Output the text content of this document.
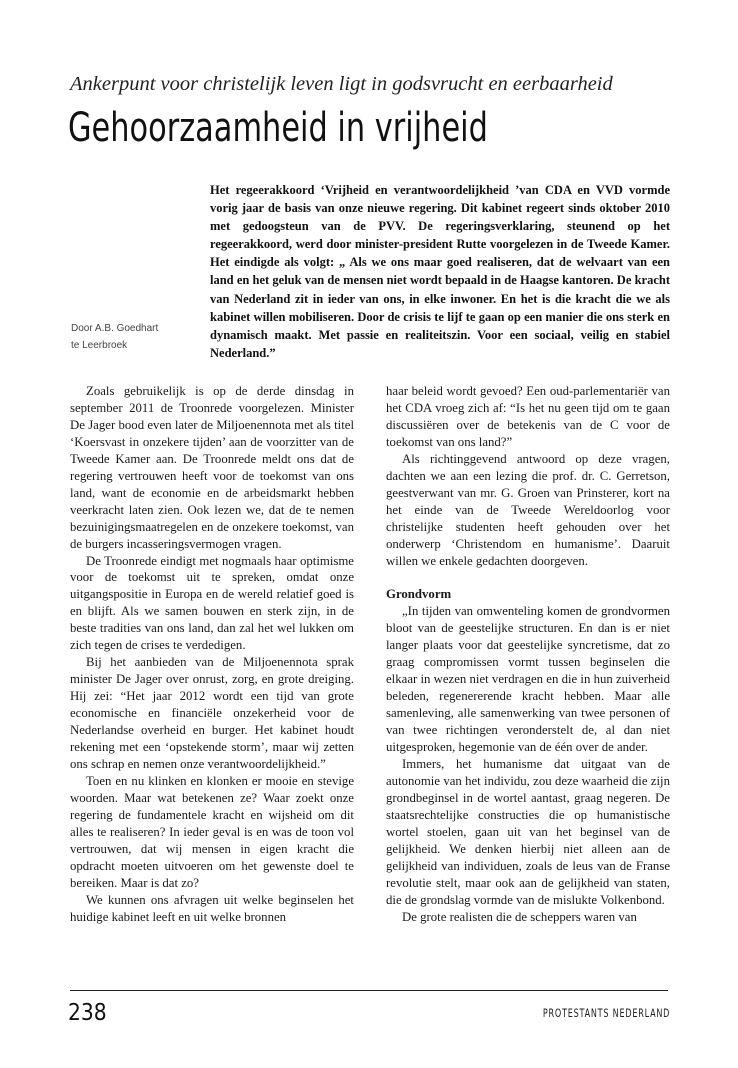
Ankerpunt voor christelijk leven ligt in godsvrucht en eerbaarheid
Gehoorzaamheid in vrijheid

Het regeerakkoord ‘Vrijheid en verantwoordelijkheid ’van CDA en VVD vormde vorig jaar de basis van onze nieuwe regering. Dit kabinet regeert sinds oktober 2010 met gedoogsteun van de PVV. De regeringsverklaring, steunend op het regeerakkoord, werd door minister-president Rutte voorgelezen in de Tweede Kamer. Het eindigde als volgt: „ Als we ons maar goed realiseren, dat de welvaart van een land en het geluk van de mensen niet wordt bepaald in de Haagse kantoren. De kracht van Nederland zit in ieder van ons, in elke inwoner. En het is die kracht die we als kabinet willen mobiliseren. Door de crisis te lijf te gaan op een manier die ons sterk en dynamisch maakt. Met passie en realiteitszin. Voor een sociaal, veilig en stabiel Nederland.”

Door A.B. Goedhart
te Leerbroek

Zoals gebruikelijk is op de derde dinsdag in september 2011 de Troonrede voorgelezen. Minister De Jager bood even later de Miljoenennota met als titel ‘Koersvast in onzekere tijden’ aan de voorzitter van de Tweede Kamer aan. De Troonrede meldt ons dat de regering vertrouwen heeft voor de toekomst van ons land, want de economie en de arbeidsmarkt hebben veerkracht laten zien. Ook lezen we, dat de te nemen bezuinigingsmaatregelen en de onzekere toekomst, van de burgers incasseringsvermogen vragen.

De Troonrede eindigt met nogmaals haar optimisme voor de toekomst uit te spreken, omdat onze uitgangspositie in Europa en de wereld relatief goed is en blijft. Als we samen bouwen en sterk zijn, in de beste tradities van ons land, dan zal het wel lukken om zich tegen de crises te verdedigen.

Bij het aanbieden van de Miljoenennota sprak minister De Jager over onrust, zorg, en grote dreiging. Hij zei: “Het jaar 2012 wordt een tijd van grote economische en financiële onzekerheid voor de Nederlandse overheid en burger. Het kabinet houdt rekening met een ‘opstekende storm’, maar wij zetten ons schrap en nemen onze verantwoordelijkheid.”

Toen en nu klinken en klonken er mooie en stevige woorden. Maar wat betekenen ze? Waar zoekt onze regering de fundamentele kracht en wijsheid om dit alles te realiseren? In ieder geval is en was de toon vol vertrouwen, dat wij mensen in eigen kracht die opdracht moeten uitvoeren om het gewenste doel te bereiken. Maar is dat zo?

We kunnen ons afvragen uit welke beginselen het huidige kabinet leeft en uit welke bronnen

haar beleid wordt gevoed? Een oud-parlementariër van het CDA vroeg zich af: “Is het nu geen tijd om te gaan discussiëren over de betekenis van de C voor de toekomst van ons land?”

Als richtinggevend antwoord op deze vragen, dachten we aan een lezing die prof. dr. C. Gerretson, geestverwant van mr. G. Groen van Prinsterer, kort na het einde van de Tweede Wereldoorlog voor christelijke studenten heeft gehouden over het onderwerp ‘Christendom en humanisme’. Daaruit willen we enkele gedachten doorgeven.

Grondvorm

„In tijden van omwenteling komen de grondvormen bloot van de geestelijke structuren. En dan is er niet langer plaats voor dat geestelijke syncretisme, dat zo graag compromissen vormt tussen beginselen die elkaar in wezen niet verdragen en die in hun zuiverheid beleden, regenererende kracht hebben. Maar alle samenleving, alle samenwerking van twee personen of van twee richtingen veronderstelt de, al dan niet uitgesproken, hegemonie van de één over de ander.

Immers, het humanisme dat uitgaat van de autonomie van het individu, zou deze waarheid die zijn grondbeginsel in de wortel aantast, graag negeren. De staatsrechtelijke constructies die op humanistische wortel stoelen, gaan uit van het beginsel van de gelijkheid. We denken hierbij niet alleen aan de gelijkheid van individuen, zoals de leus van de Franse revolutie stelt, maar ook aan de gelijkheid van staten, die de grondslag vormde van de mislukte Volkenbond.

De grote realisten die de scheppers waren van

238	PROTESTANTS NEDERLAND
